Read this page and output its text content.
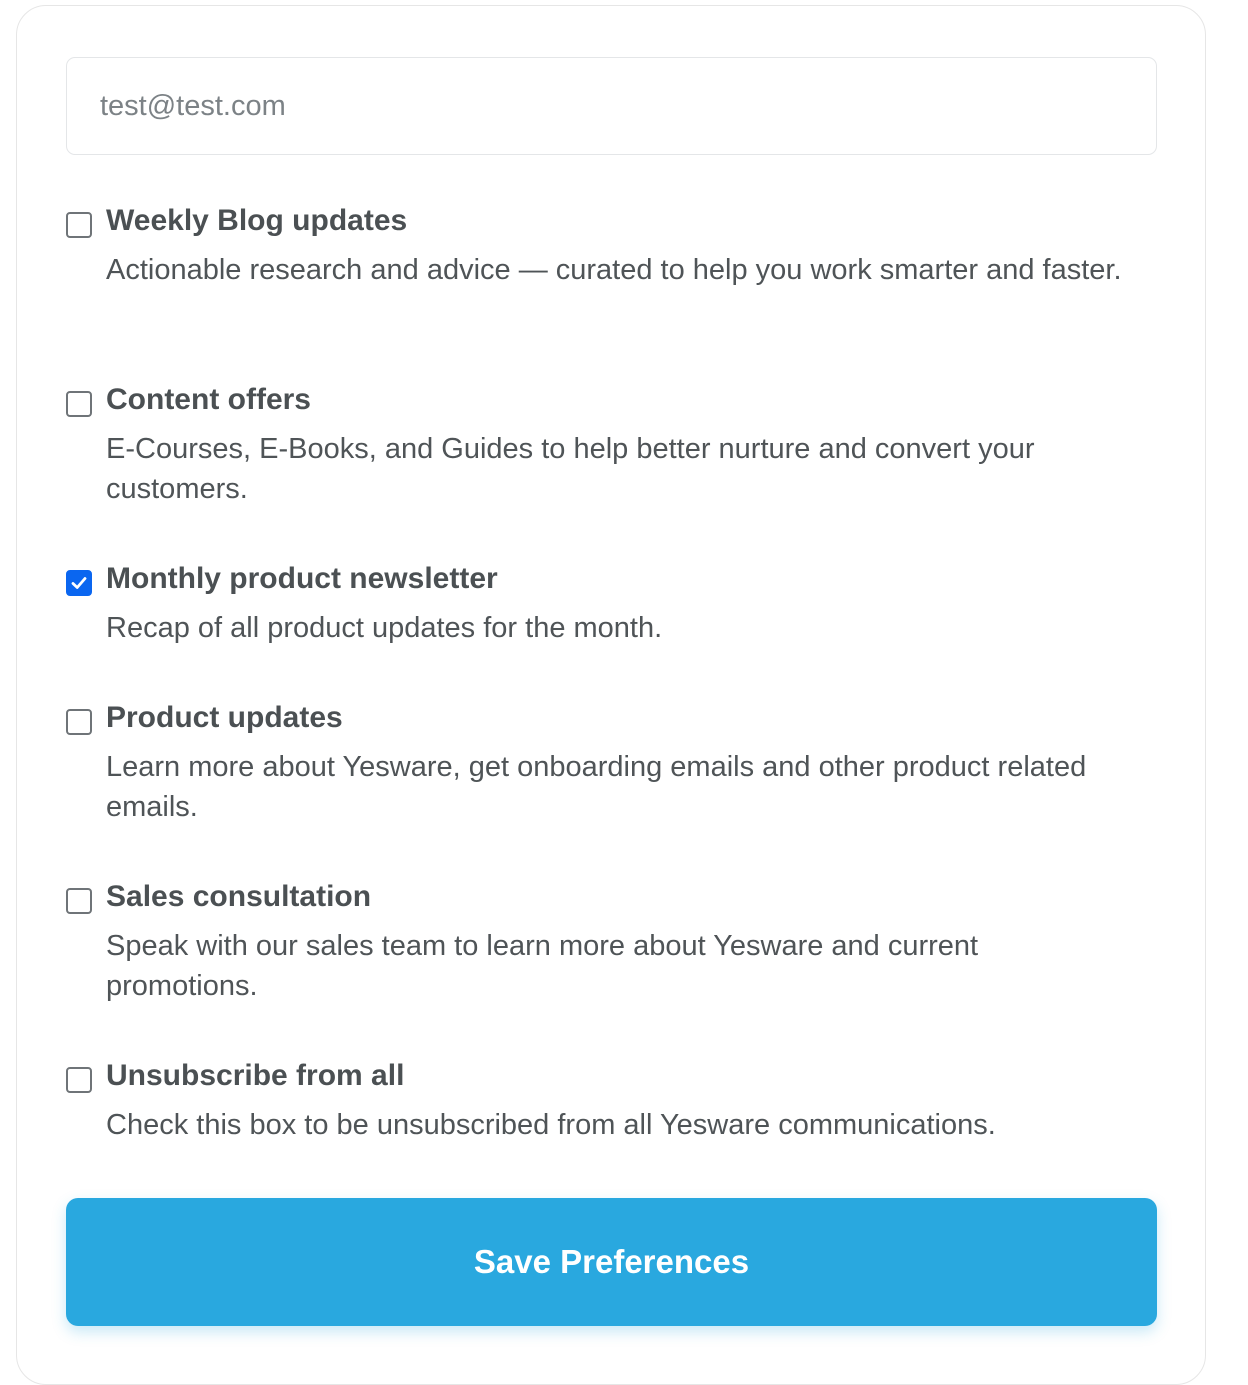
test@test.com
Weekly Blog updates
Actionable research and advice — curated to help you work smarter and faster.
Content offers
E-Courses, E-Books, and Guides to help better nurture and convert your customers.
Monthly product newsletter
Recap of all product updates for the month.
Product updates
Learn more about Yesware, get onboarding emails and other product related emails.
Sales consultation
Speak with our sales team to learn more about Yesware and current promotions.
Unsubscribe from all
Check this box to be unsubscribed from all Yesware communications.
Save Preferences
